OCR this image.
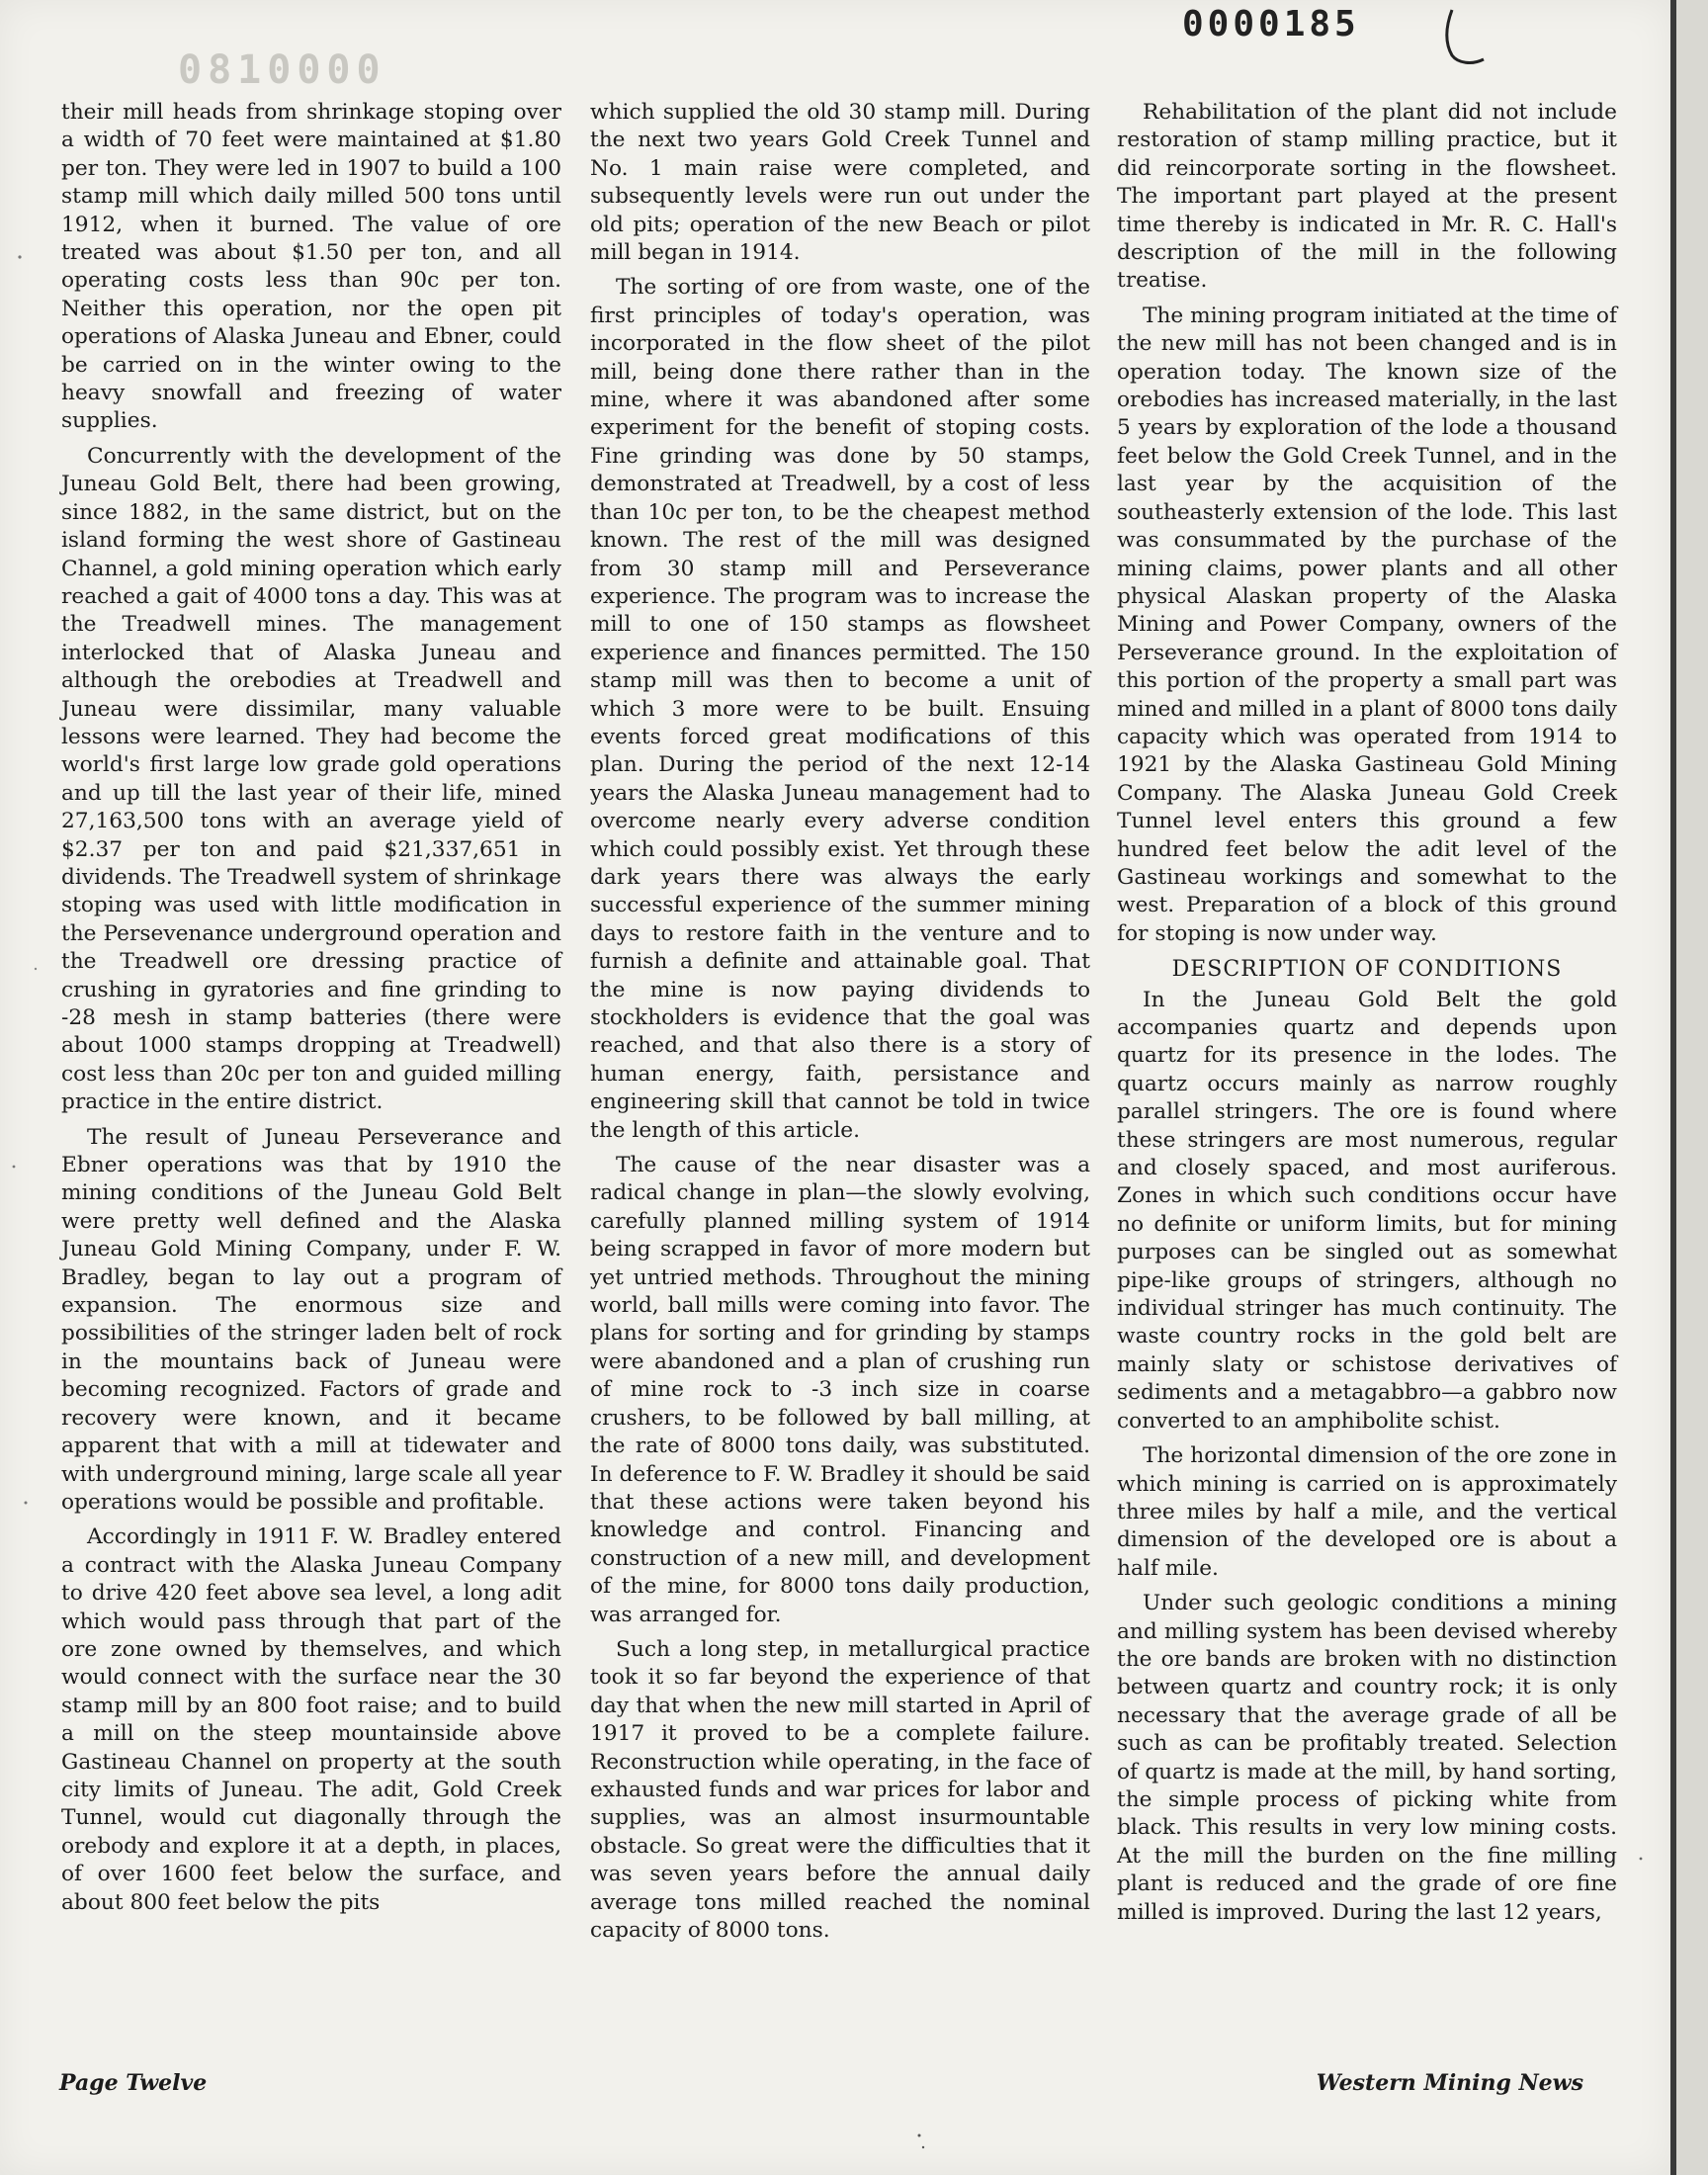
0000185
0810000

their mill heads from shrinkage stoping over a width of 70 feet were maintained at $1.80 per ton. They were led in 1907 to build a 100 stamp mill which daily milled 500 tons until 1912, when it burned. The value of ore treated was about $1.50 per ton, and all operating costs less than 90c per ton. Neither this operation, nor the open pit operations of Alaska Juneau and Ebner, could be carried on in the winter owing to the heavy snowfall and freezing of water supplies.

Concurrently with the development of the Juneau Gold Belt, there had been growing, since 1882, in the same district, but on the island forming the west shore of Gastineau Channel, a gold mining operation which early reached a gait of 4000 tons a day. This was at the Treadwell mines. The management interlocked that of Alaska Juneau and although the orebodies at Treadwell and Juneau were dissimilar, many valuable lessons were learned. They had become the world's first large low grade gold operations and up till the last year of their life, mined 27,163,500 tons with an average yield of $2.37 per ton and paid $21,337,651 in dividends. The Treadwell system of shrinkage stoping was used with little modification in the Persevenance underground operation and the Treadwell ore dressing practice of crushing in gyratories and fine grinding to -28 mesh in stamp batteries (there were about 1000 stamps dropping at Treadwell) cost less than 20c per ton and guided milling practice in the entire district.

The result of Juneau Perseverance and Ebner operations was that by 1910 the mining conditions of the Juneau Gold Belt were pretty well defined and the Alaska Juneau Gold Mining Company, under F. W. Bradley, began to lay out a program of expansion. The enormous size and possibilities of the stringer laden belt of rock in the mountains back of Juneau were becoming recognized. Factors of grade and recovery were known, and it became apparent that with a mill at tidewater and with underground mining, large scale all year operations would be possible and profitable.

Accordingly in 1911 F. W. Bradley entered a contract with the Alaska Juneau Company to drive 420 feet above sea level, a long adit which would pass through that part of the ore zone owned by themselves, and which would connect with the surface near the 30 stamp mill by an 800 foot raise; and to build a mill on the steep mountainside above Gastineau Channel on property at the south city limits of Juneau. The adit, Gold Creek Tunnel, would cut diagonally through the orebody and explore it at a depth, in places, of over 1600 feet below the surface, and about 800 feet below the pits

which supplied the old 30 stamp mill. During the next two years Gold Creek Tunnel and No. 1 main raise were completed, and subsequently levels were run out under the old pits; operation of the new Beach or pilot mill began in 1914.

The sorting of ore from waste, one of the first principles of today's operation, was incorporated in the flow sheet of the pilot mill, being done there rather than in the mine, where it was abandoned after some experiment for the benefit of stoping costs. Fine grinding was done by 50 stamps, demonstrated at Treadwell, by a cost of less than 10c per ton, to be the cheapest method known. The rest of the mill was designed from 30 stamp mill and Perseverance experience. The program was to increase the mill to one of 150 stamps as flowsheet experience and finances permitted. The 150 stamp mill was then to become a unit of which 3 more were to be built. Ensuing events forced great modifications of this plan. During the period of the next 12-14 years the Alaska Juneau management had to overcome nearly every adverse condition which could possibly exist. Yet through these dark years there was always the early successful experience of the summer mining days to restore faith in the venture and to furnish a definite and attainable goal. That the mine is now paying dividends to stockholders is evidence that the goal was reached, and that also there is a story of human energy, faith, persistance and engineering skill that cannot be told in twice the length of this article.

The cause of the near disaster was a radical change in plan—the slowly evolving, carefully planned milling system of 1914 being scrapped in favor of more modern but yet untried methods. Throughout the mining world, ball mills were coming into favor. The plans for sorting and for grinding by stamps were abandoned and a plan of crushing run of mine rock to -3 inch size in coarse crushers, to be followed by ball milling, at the rate of 8000 tons daily, was substituted. In deference to F. W. Bradley it should be said that these actions were taken beyond his knowledge and control. Financing and construction of a new mill, and development of the mine, for 8000 tons daily production, was arranged for.

Such a long step, in metallurgical practice took it so far beyond the experience of that day that when the new mill started in April of 1917 it proved to be a complete failure. Reconstruction while operating, in the face of exhausted funds and war prices for labor and supplies, was an almost insurmountable obstacle. So great were the difficulties that it was seven years before the annual daily average tons milled reached the nominal capacity of 8000 tons.

Rehabilitation of the plant did not include restoration of stamp milling practice, but it did reincorporate sorting in the flowsheet. The important part played at the present time thereby is indicated in Mr. R. C. Hall's description of the mill in the following treatise.

The mining program initiated at the time of the new mill has not been changed and is in operation today. The known size of the orebodies has increased materially, in the last 5 years by exploration of the lode a thousand feet below the Gold Creek Tunnel, and in the last year by the acquisition of the southeasterly extension of the lode. This last was consummated by the purchase of the mining claims, power plants and all other physical Alaskan property of the Alaska Mining and Power Company, owners of the Perseverance ground. In the exploitation of this portion of the property a small part was mined and milled in a plant of 8000 tons daily capacity which was operated from 1914 to 1921 by the Alaska Gastineau Gold Mining Company. The Alaska Juneau Gold Creek Tunnel level enters this ground a few hundred feet below the adit level of the Gastineau workings and somewhat to the west. Preparation of a block of this ground for stoping is now under way.

DESCRIPTION OF CONDITIONS

In the Juneau Gold Belt the gold accompanies quartz and depends upon quartz for its presence in the lodes. The quartz occurs mainly as narrow roughly parallel stringers. The ore is found where these stringers are most numerous, regular and closely spaced, and most auriferous. Zones in which such conditions occur have no definite or uniform limits, but for mining purposes can be singled out as somewhat pipe-like groups of stringers, although no individual stringer has much continuity. The waste country rocks in the gold belt are mainly slaty or schistose derivatives of sediments and a metagabbro—a gabbro now converted to an amphibolite schist.

The horizontal dimension of the ore zone in which mining is carried on is approximately three miles by half a mile, and the vertical dimension of the developed ore is about a half mile.

Under such geologic conditions a mining and milling system has been devised whereby the ore bands are broken with no distinction between quartz and country rock; it is only necessary that the average grade of all be such as can be profitably treated. Selection of quartz is made at the mill, by hand sorting, the simple process of picking white from black. This results in very low mining costs. At the mill the burden on the fine milling plant is reduced and the grade of ore fine milled is improved. During the last 12 years,

Page Twelve	Western Mining News
